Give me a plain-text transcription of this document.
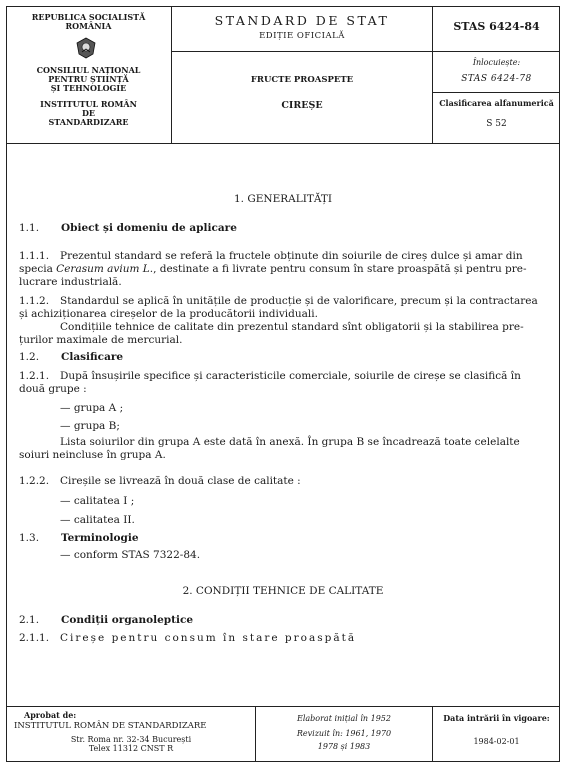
REPUBLICA SOCIALISTĂ
ROMÂNIA
CONSILIUL NAȚIONAL
PENTRU ȘTIINȚĂ
ȘI TEHNOLOGIE
INSTITUTUL ROMÂN
DE
STANDARDIZARE
STANDARD DE STAT
EDIȚIE OFICIALĂ
FRUCTE PROASPETE
CIREȘE
STAS 6424-84
Înlocuiește:
STAS 6424-78
Clasificarea alfanumerică
S 52
1. GENERALITĂȚI
1.1. Obiect și domeniu de aplicare
1.1.1. Prezentul standard se referă la fructele obținute din soiurile de cireș dulce și amar din
specia Cerasum avium L., destinate a fi livrate pentru consum în stare proaspătă și pentru pre-
lucrare industrială.
1.1.2. Standardul se aplică în unitățile de producție și de valorificare, precum și la contractarea
și achiziționarea cireșelor de la producătorii individuali.
Condițiile tehnice de calitate din prezentul standard sînt obligatorii și la stabilirea pre-
țurilor maximale de mercurial.
1.2. Clasificare
1.2.1. După însușirile specifice și caracteristicile comerciale, soiurile de cireșe se clasifică în
două grupe :
— grupa A ;
— grupa B;
Lista soiurilor din grupa A este dată în anexă. În grupa B se încadrează toate celelalte
soiuri neincluse în grupa A.
1.2.2. Cireșile se livrează în două clase de calitate :
— calitatea I ;
— calitatea II.
1.3. Terminologie
— conform STAS 7322-84.
2. CONDIȚII TEHNICE DE CALITATE
2.1. Condiții organoleptice
2.1.1. Cireșe pentru consum în stare proaspătă
Aprobat de:
INSTITUTUL ROMÂN DE STANDARDIZARE
Str. Roma nr. 32-34 București
Telex 11312 CNST R
Elaborat inițial în 1952
Revizuit în: 1961, 1970
1978 și 1983
Data intrării în vigoare:
1984-02-01
